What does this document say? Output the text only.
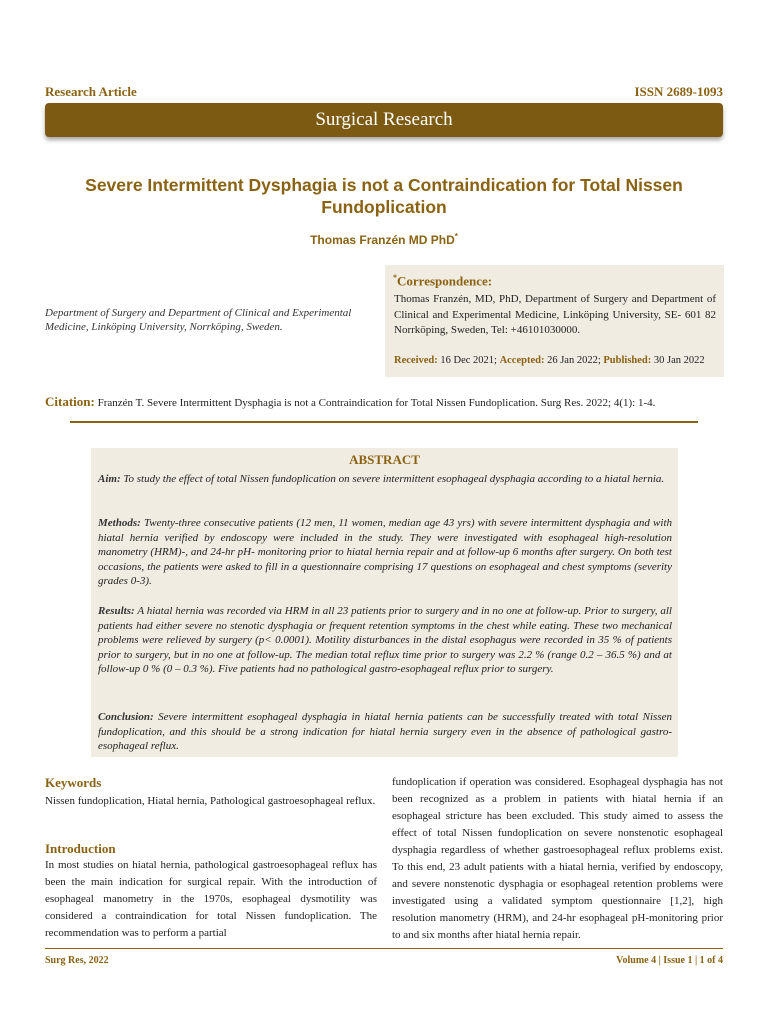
Research Article	ISSN 2689-1093
Surgical Research
Severe Intermittent Dysphagia is not a Contraindication for Total Nissen Fundoplication
Thomas Franzén MD PhD*
Department of Surgery and Department of Clinical and Experimental Medicine, Linköping University, Norrköping, Sweden.
*Correspondence:
Thomas Franzén, MD, PhD, Department of Surgery and Department of Clinical and Experimental Medicine, Linköping University, SE- 601 82 Norrköping, Sweden, Tel: +46101030000.
Received: 16 Dec 2021; Accepted: 26 Jan 2022; Published: 30 Jan 2022
Citation: Franzén T. Severe Intermittent Dysphagia is not a Contraindication for Total Nissen Fundoplication. Surg Res. 2022; 4(1): 1-4.
ABSTRACT
Aim: To study the effect of total Nissen fundoplication on severe intermittent esophageal dysphagia according to a hiatal hernia.
Methods: Twenty-three consecutive patients (12 men, 11 women, median age 43 yrs) with severe intermittent dysphagia and with hiatal hernia verified by endoscopy were included in the study. They were investigated with esophageal high-resolution manometry (HRM)-, and 24-hr pH- monitoring prior to hiatal hernia repair and at follow-up 6 months after surgery. On both test occasions, the patients were asked to fill in a questionnaire comprising 17 questions on esophageal and chest symptoms (severity grades 0-3).
Results: A hiatal hernia was recorded via HRM in all 23 patients prior to surgery and in no one at follow-up. Prior to surgery, all patients had either severe no stenotic dysphagia or frequent retention symptoms in the chest while eating. These two mechanical problems were relieved by surgery (p< 0.0001). Motility disturbances in the distal esophagus were recorded in 35 % of patients prior to surgery, but in no one at follow-up. The median total reflux time prior to surgery was 2.2 % (range 0.2 – 36.5 %) and at follow-up 0 % (0 – 0.3 %). Five patients had no pathological gastro-esophageal reflux prior to surgery.
Conclusion: Severe intermittent esophageal dysphagia in hiatal hernia patients can be successfully treated with total Nissen fundoplication, and this should be a strong indication for hiatal hernia surgery even in the absence of pathological gastro-esophageal reflux.
Keywords
Nissen fundoplication, Hiatal hernia, Pathological gastroesophageal reflux.
Introduction
In most studies on hiatal hernia, pathological gastroesophageal reflux has been the main indication for surgical repair. With the introduction of esophageal manometry in the 1970s, esophageal dysmotility was considered a contraindication for total Nissen fundoplication. The recommendation was to perform a partial
fundoplication if operation was considered. Esophageal dysphagia has not been recognized as a problem in patients with hiatal hernia if an esophageal stricture has been excluded. This study aimed to assess the effect of total Nissen fundoplication on severe nonstenotic esophageal dysphagia regardless of whether gastroesophageal reflux problems exist. To this end, 23 adult patients with a hiatal hernia, verified by endoscopy, and severe nonstenotic dysphagia or esophageal retention problems were investigated using a validated symptom questionnaire [1,2], high resolution manometry (HRM), and 24-hr esophageal pH-monitoring prior to and six months after hiatal hernia repair.
Surg Res, 2022	Volume 4 | Issue 1 | 1 of 4
